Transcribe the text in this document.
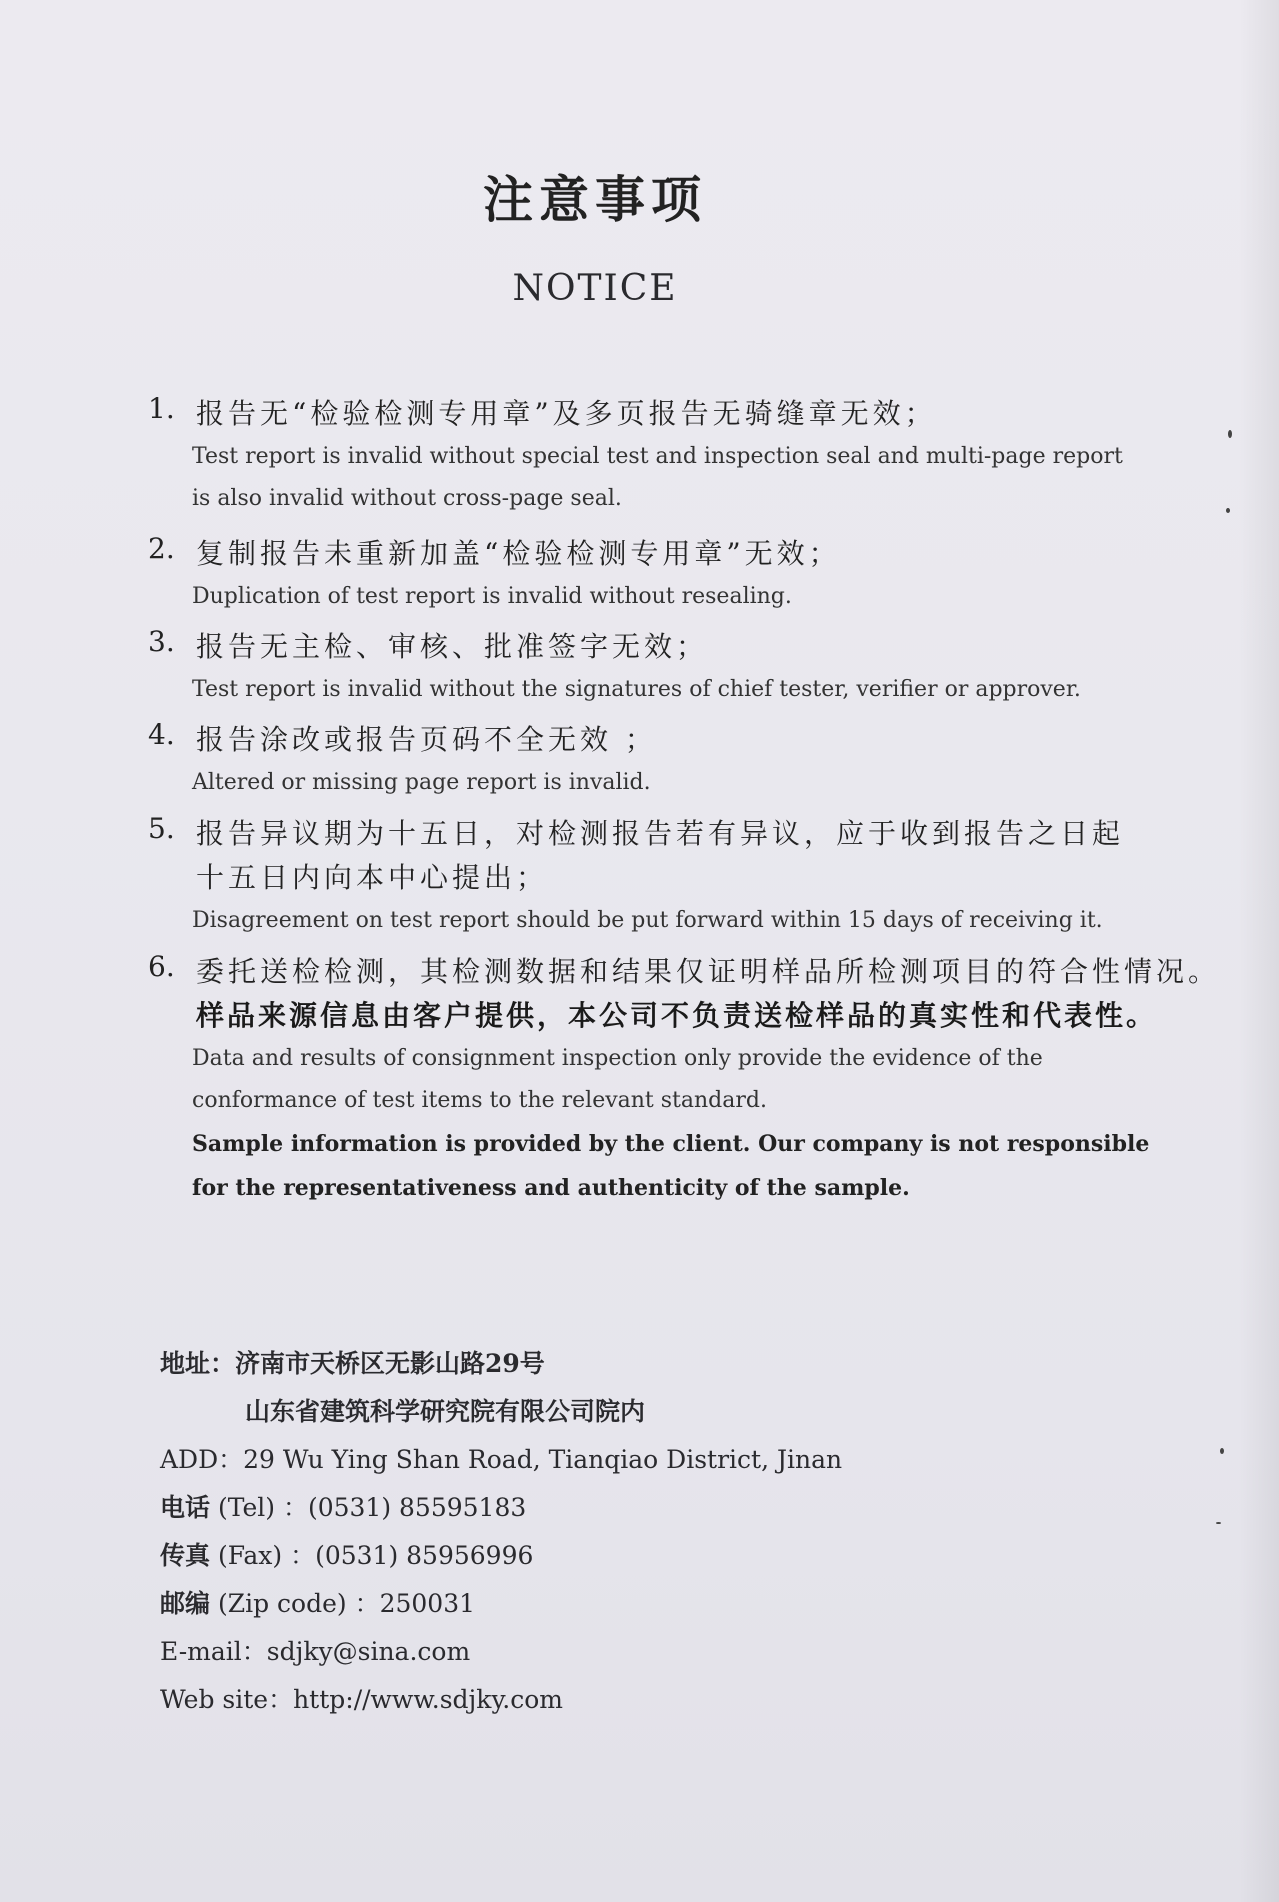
注意事项
NOTICE
1. 报告无“检验检测专用章”及多页报告无骑缝章无效；
Test report is invalid without special test and inspection seal and multi-page report
is also invalid without cross-page seal.
2. 复制报告未重新加盖“检验检测专用章”无效；
Duplication of test report is invalid without resealing.
3. 报告无主检、审核、批准签字无效；
Test report is invalid without the signatures of chief tester, verifier or approver.
4. 报告涂改或报告页码不全无效 ；
Altered or missing page report is invalid.
5. 报告异议期为十五日，对检测报告若有异议，应于收到报告之日起
十五日内向本中心提出；
Disagreement on test report should be put forward within 15 days of receiving it.
6. 委托送检检测，其检测数据和结果仅证明样品所检测项目的符合性情况。
样品来源信息由客户提供，本公司不负责送检样品的真实性和代表性。
Data and results of consignment inspection only provide the evidence of the
conformance of test items to the relevant standard.
Sample information is provided by the client. Our company is not responsible
for the representativeness and authenticity of the sample.
地址：济南市天桥区无影山路29号
山东省建筑科学研究院有限公司院内
ADD：29 Wu Ying Shan Road, Tianqiao District, Jinan
电话 (Tel) ：(0531) 85595183
传真 (Fax) ：(0531) 85956996
邮编 (Zip code) ：250031
E-mail：sdjky@sina.com
Web site：http://www.sdjky.com
